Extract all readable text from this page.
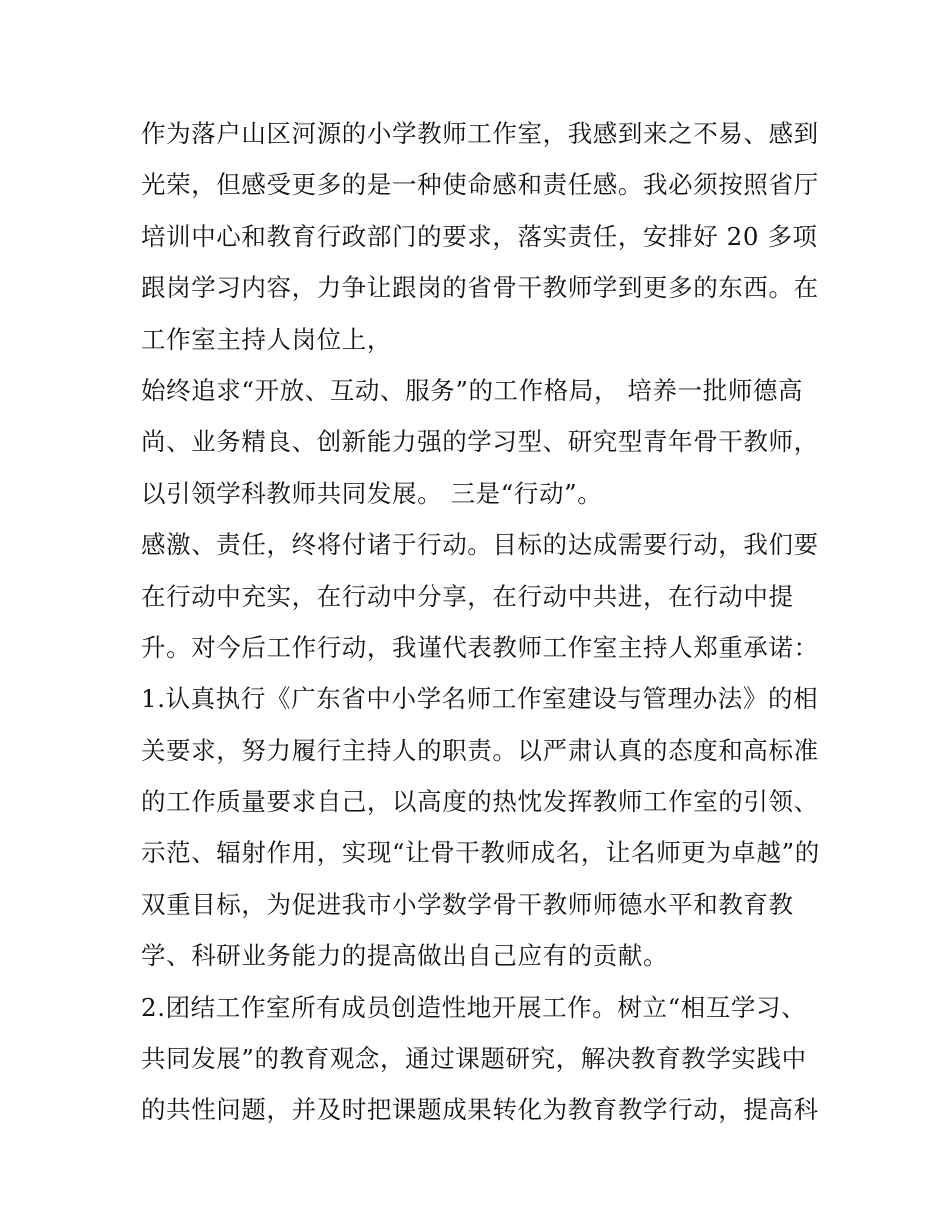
作为落户山区河源的小学教师工作室，我感到来之不易、感到
光荣，但感受更多的是一种使命感和责任感。我必须按照省厅
培训中心和教育行政部门的要求，落实责任，安排好 20 多项
跟岗学习内容，力争让跟岗的省骨干教师学到更多的东西。在
工作室主持人岗位上，
始终追求“开放、互动、服务”的工作格局， 培养一批师德高
尚、业务精良、创新能力强的学习型、研究型青年骨干教师，
以引领学科教师共同发展。 三是“行动”。
感激、责任，终将付诸于行动。目标的达成需要行动，我们要
在行动中充实，在行动中分享，在行动中共进，在行动中提
升。对今后工作行动，我谨代表教师工作室主持人郑重承诺：
1.认真执行《广东省中小学名师工作室建设与管理办法》的相
关要求，努力履行主持人的职责。以严肃认真的态度和高标准
的工作质量要求自己，以高度的热忱发挥教师工作室的引领、
示范、辐射作用，实现“让骨干教师成名，让名师更为卓越”的
双重目标，为促进我市小学数学骨干教师师德水平和教育教
学、科研业务能力的提高做出自己应有的贡献。
2.团结工作室所有成员创造性地开展工作。树立“相互学习、
共同发展”的教育观念，通过课题研究，解决教育教学实践中
的共性问题，并及时把课题成果转化为教育教学行动，提高科
